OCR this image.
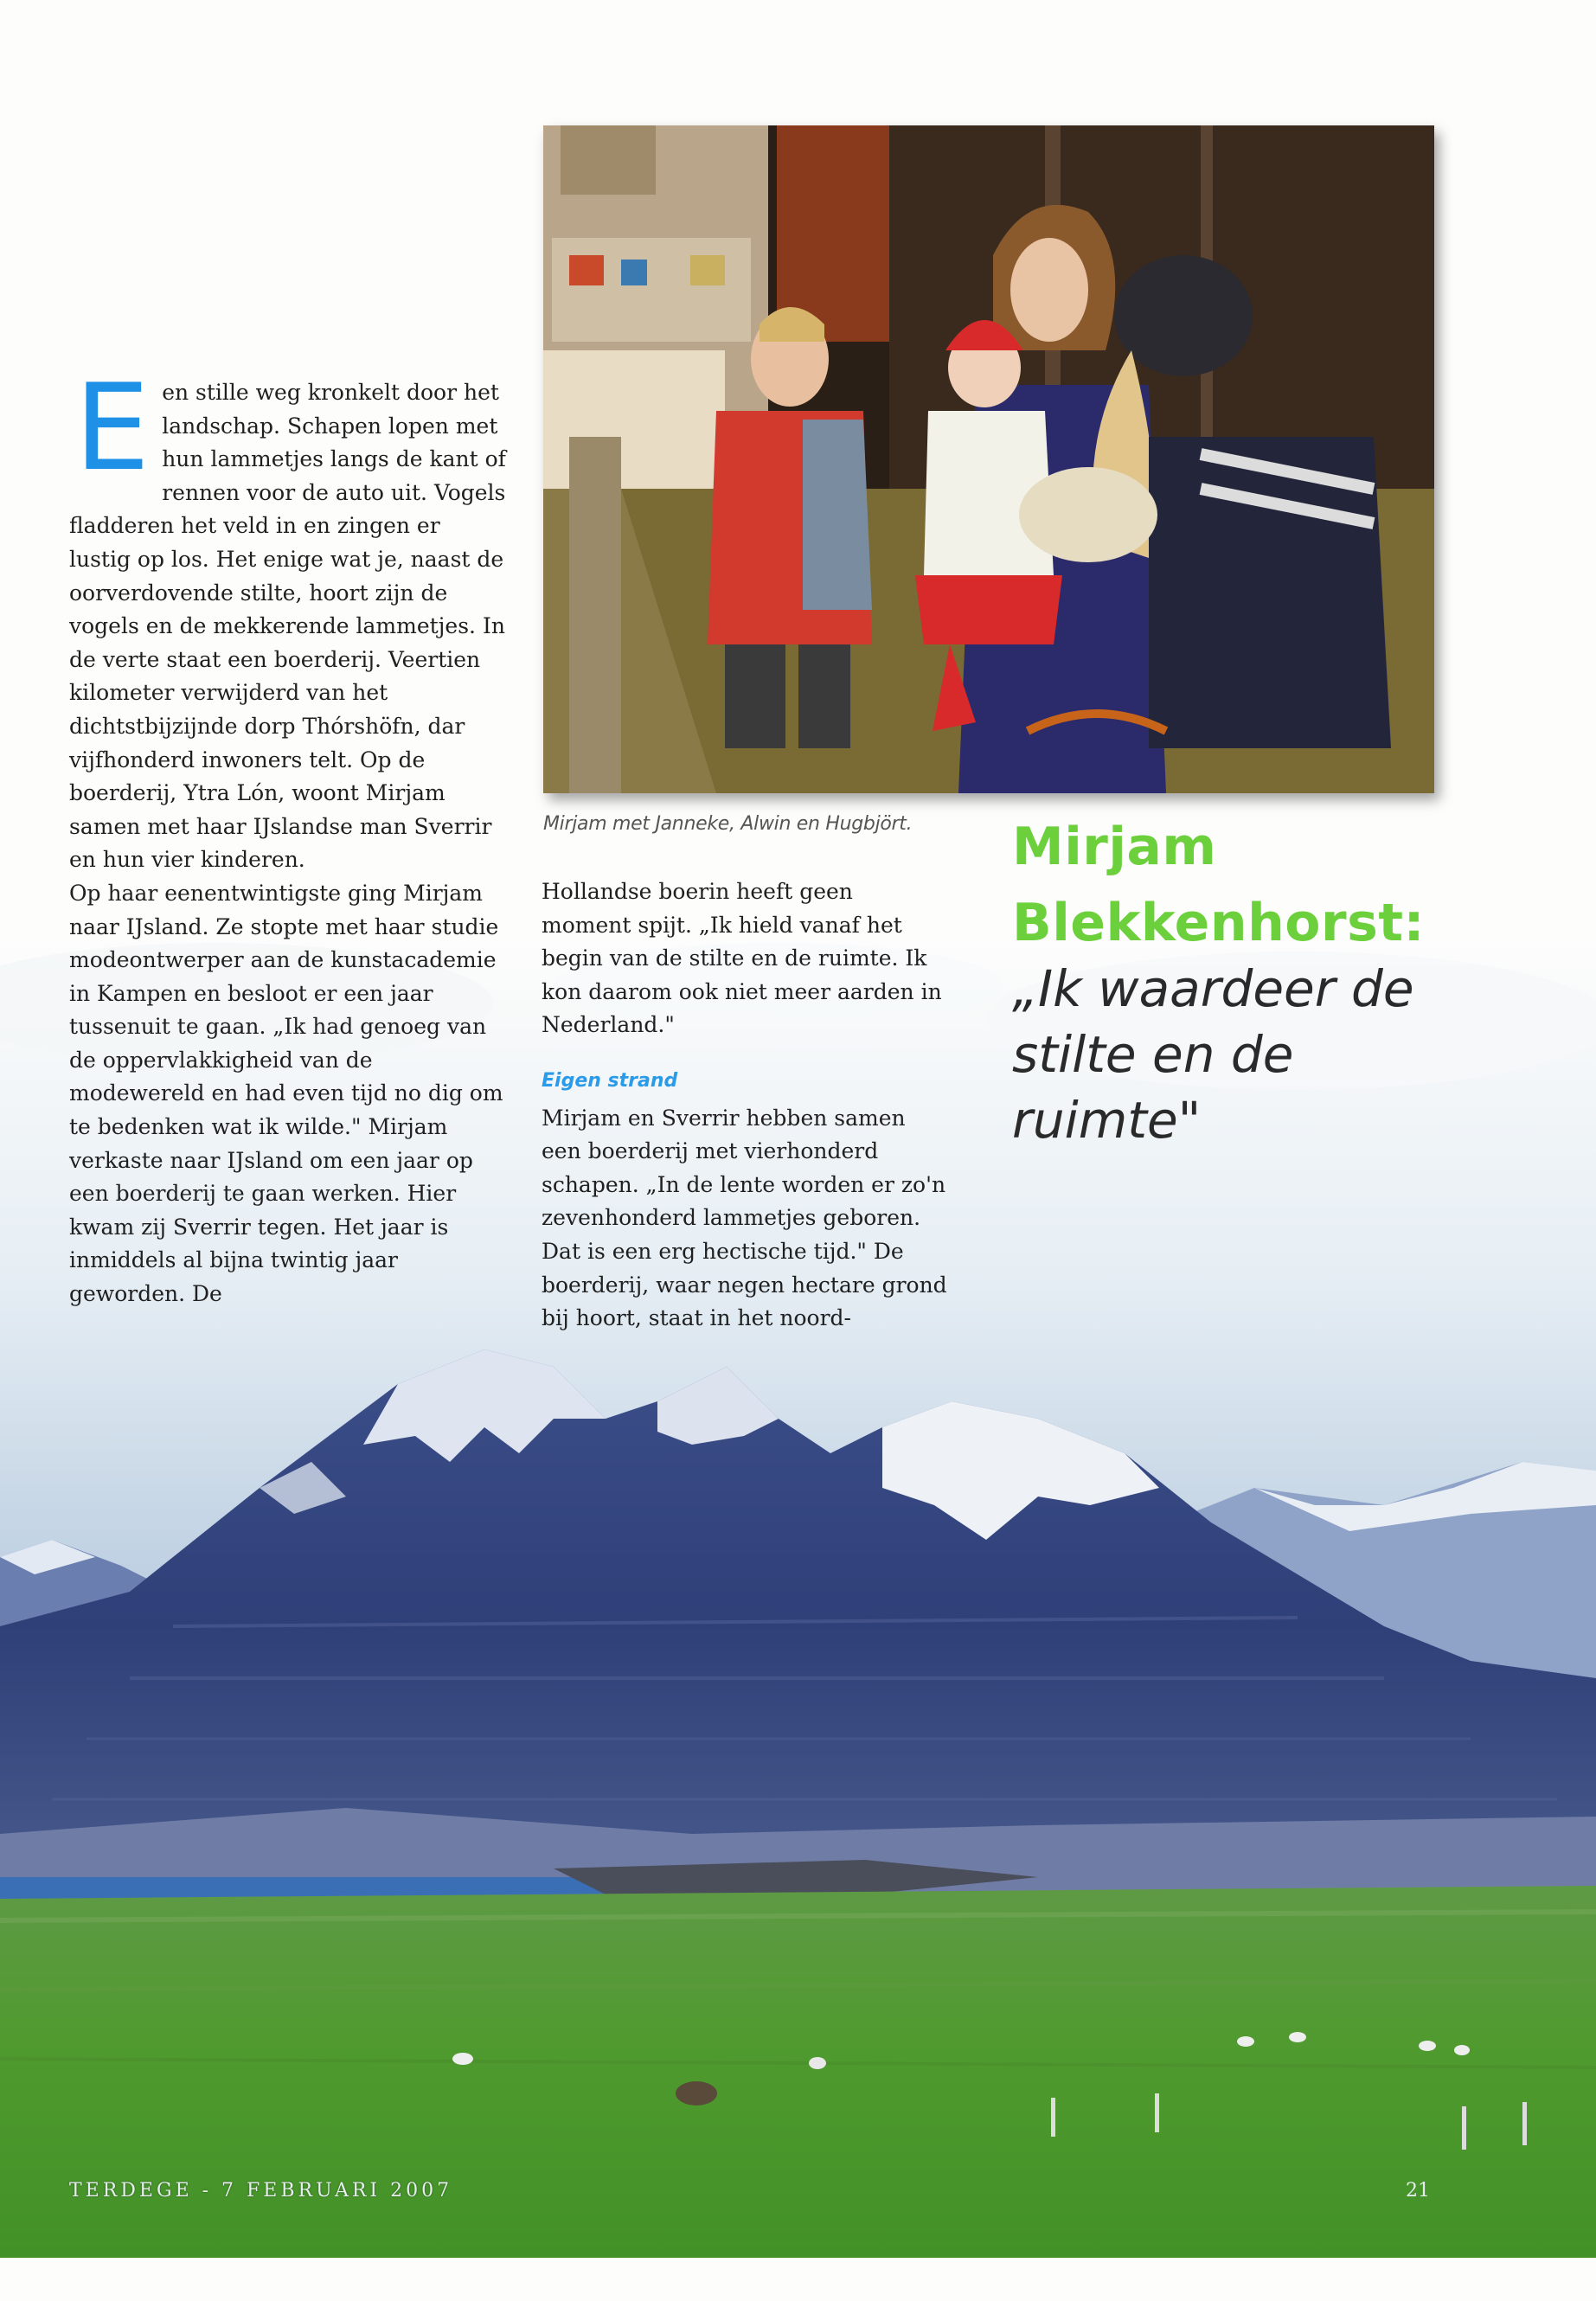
Mirjam met Janneke, Alwin en Hugbjört.

Een stille weg kronkelt door het landschap. Schapen lopen met hun lammetjes langs de kant of rennen voor de auto uit. Vogels fladderen het veld in en zingen er lustig op los. Het enige wat je, naast de oorverdovende stilte, hoort zijn de vogels en de mekkerende lammetjes. In de verte staat een boerderij. Veertien kilometer verwijderd van het dichtstbijzijnde dorp Thórshöfn, dar vijfhonderd inwoners telt. Op de boerderij, Ytra Lón, woont Mirjam samen met haar IJslandse man Sverrir en hun vier kinderen.

Op haar eenentwintigste ging Mirjam naar IJsland. Ze stopte met haar studie modeontwerper aan de kunstacademie in Kampen en besloot er een jaar tussenuit te gaan. „Ik had genoeg van de oppervlakkigheid van de modewereld en had even tijd no dig om te bedenken wat ik wilde." Mirjam verkaste naar IJsland om een jaar op een boerderij te gaan werken. Hier kwam zij Sverrir tegen. Het jaar is inmiddels al bijna twintig jaar geworden. De

Hollandse boerin heeft geen moment spijt. „Ik hield vanaf het begin van de stilte en de ruimte. Ik kon daarom ook niet meer aarden in Nederland."

Eigen strand

Mirjam en Sverrir hebben samen een boerderij met vierhonderd schapen. „In de lente worden er zo'n zevenhonderd lammetjes geboren. Dat is een erg hectische tijd." De boerderij, waar negen hectare grond bij hoort, staat in het noord-

Mirjam
Blekkenhorst:
„Ik waardeer de stilte en de ruimte"
TERDEGE - 7 FEBRUARI 2007	21
